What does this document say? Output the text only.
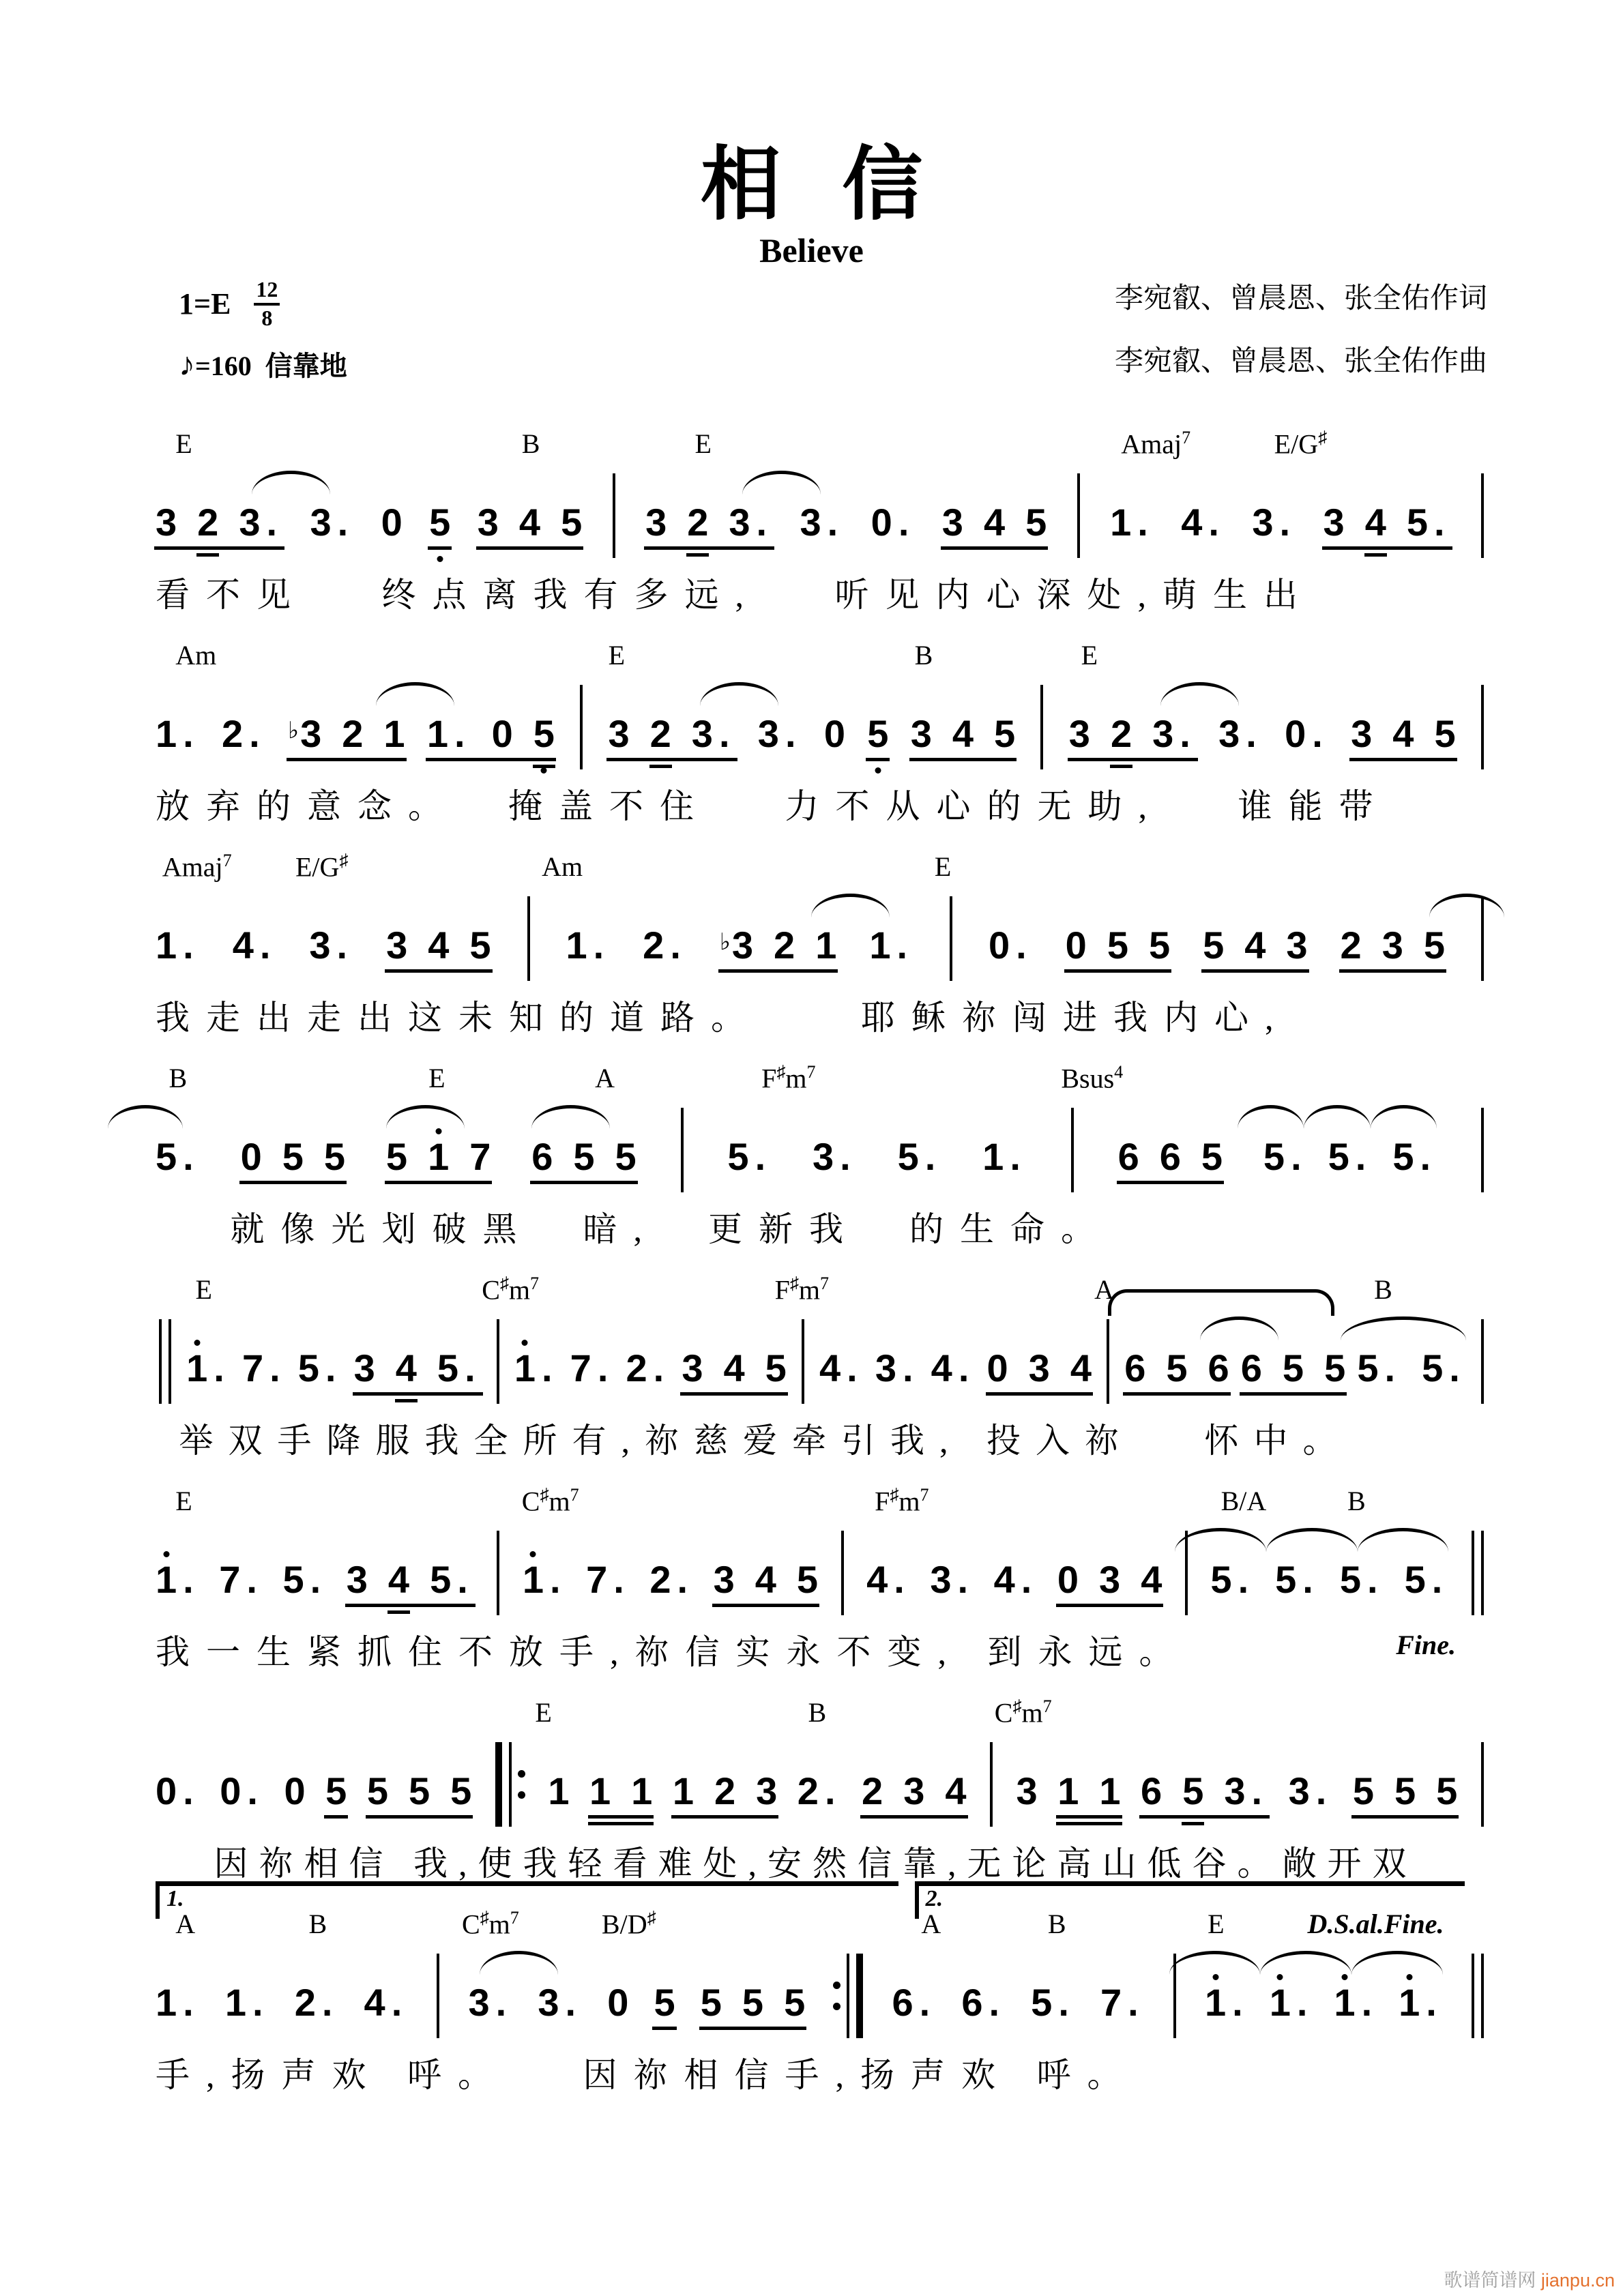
相 信
Believe
$1=E \frac{12}{8}$
♪=160 信靠地
李宛叡、曾晨恩、张全佑作词
李宛叡、曾晨恩、张全佑作曲
E	B	E	Amaj$^7$	E/G♯
3 2 3 . 3 . 0 5 3 4 5 3 2 3 . 3 . 0 . 3 4 5 1 . 4 . 3 . 3 4 5 .
看不见   终点离我有多远,   听见内心深处,萌生出
Am	E	B	E
1 . 2 . ♭ 3 2 1 1 . 0 5 3 2 3 . 3 . 0 5 3 4 5 3 2 3 . 3 . 0 . 3 4 5
放弃的意念。  掩盖不住   力不从心的无助,   谁能带
Amaj$^7$ E/G♯	Am	E
1 . 4 . 3 . 3 4 5 1 . 2 . ♭ 3 2 1 1 . 0 . 0 5 5 5 4 3 2 3 5
我走出走出这未知的道路。    耶稣祢闯进我内心,
B	E	A	$F^♯m^7$	Bsus$^4$
5 . 0 5 5 5 1 7 6 5 5 5 . 3 . 5 . 1 . 6 6 5 5 . 5 . 5 .
就像光划破黑  暗,  更新我  的生命。
E	$C^♯m^7$	$F^♯m^7$	A	B
1 . 7 . 5 . 3 4 5 . 1 . 7 . 2 . 3 4 5 4 . 3 . 4 . 0 3 4 6 5 6 6 5 5 5 . 5 .
举双手降服我全所有,祢慈爱牵引我, 投入祢   怀中。
E	$C^♯m^7$	$F^♯m^7$	B/A	B
1 . 7 . 5 . 3 4 5 . 1 . 7 . 2 . 3 4 5 4 . 3 . 4 . 0 3 4 5 . 5 . 5 . 5 .
我一生紧抓住不放手,祢信实永不变, 到永远。	Fine.
E	B	$C^♯m^7$
0 . 0 . 0 5 5 5 5 1 1 1 1 2 3 2 . 2 3 4 3 1 1 6 5 3 . 3 . 5 5 5
因祢相信 我,使我轻看难处,安然信靠,无论高山低谷。敞开双
1.	2.
A	B	$C^♯m^7$	B/D♯	A	B	E	D.S.al.Fine.
1 . 1 . 2 . 4 . 3 . 3 . 0 5 5 5 5 6 . 6 . 5 . 7 . 1 . 1 . 1 . 1 .
手,扬声欢 呼。   因祢相信手,扬声欢 呼。
歌谱简谱网 jianpu.cn
